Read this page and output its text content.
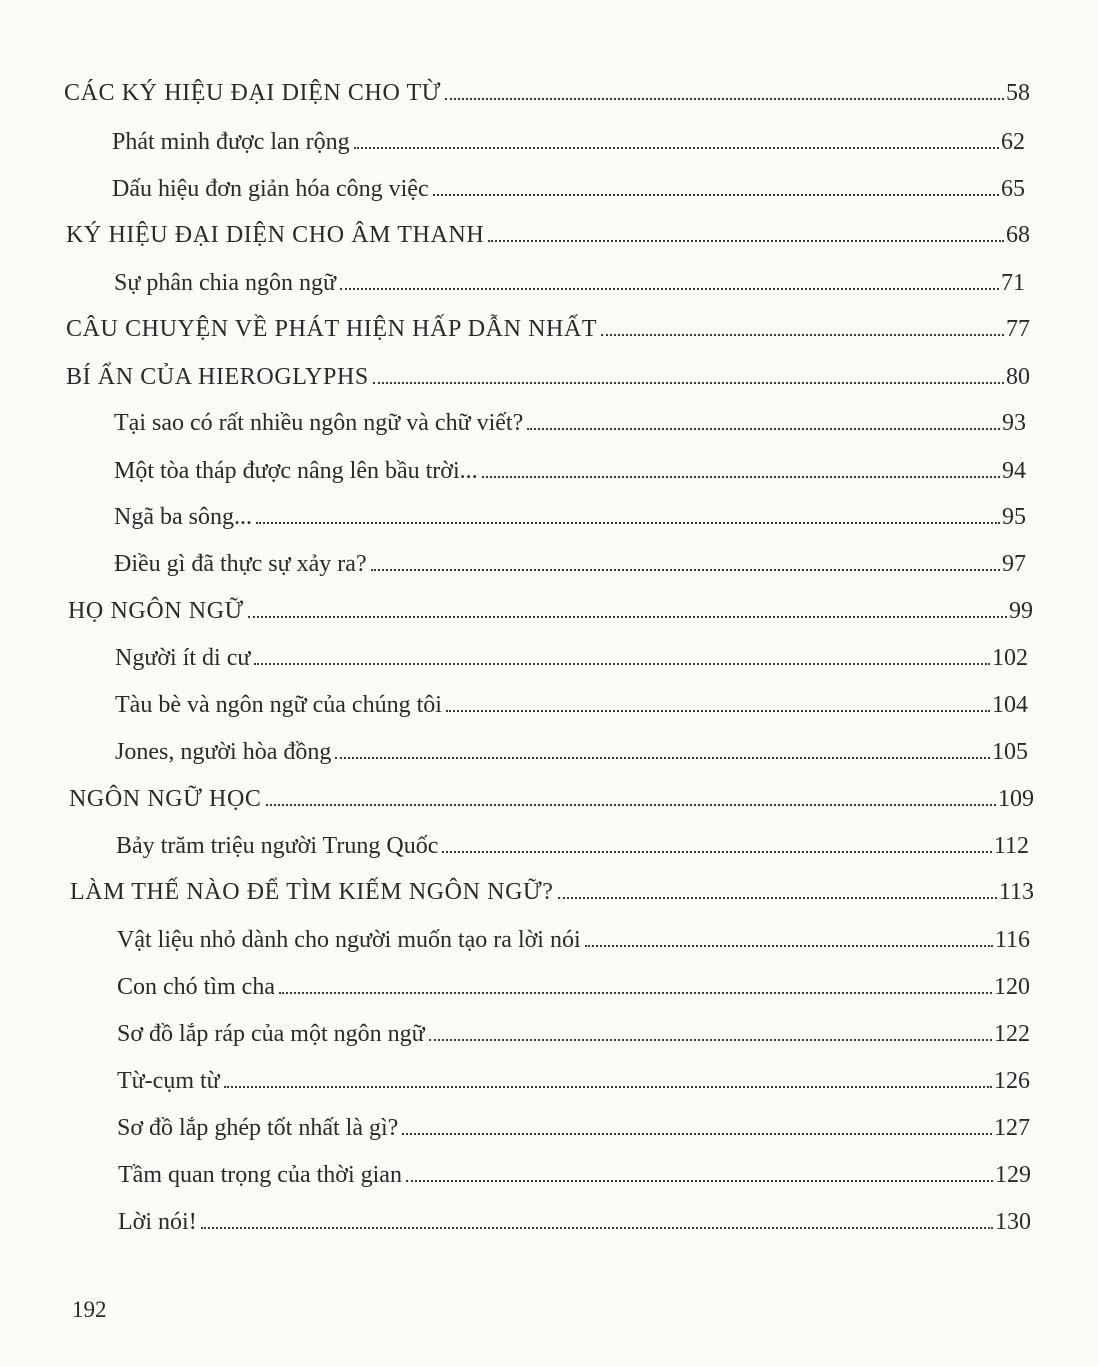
CÁC KÝ HIỆU ĐẠI DIỆN CHO TỪ	58
Phát minh được lan rộng	62
Dấu hiệu đơn giản hóa công việc	65
KÝ HIỆU ĐẠI DIỆN CHO ÂM THANH	68
Sự phân chia ngôn ngữ	71
CÂU CHUYỆN VỀ PHÁT HIỆN HẤP DẪN NHẤT	77
BÍ ẨN CỦA HIEROGLYPHS	80
Tại sao có rất nhiều ngôn ngữ và chữ viết?	93
Một tòa tháp được nâng lên bầu trời...	94
Ngã ba sông...	95
Điều gì đã thực sự xảy ra?	97
HỌ NGÔN NGỮ	99
Người ít di cư	102
Tàu bè và ngôn ngữ của chúng tôi	104
Jones, người hòa đồng	105
NGÔN NGỮ HỌC	109
Bảy trăm triệu người Trung Quốc	112
LÀM THẾ NÀO ĐỂ TÌM KIẾM NGÔN NGỮ?	113
Vật liệu nhỏ dành cho người muốn tạo ra lời nói	116
Con chó tìm cha	120
Sơ đồ lắp ráp của một ngôn ngữ	122
Từ-cụm từ	126
Sơ đồ lắp ghép tốt nhất là gì?	127
Tầm quan trọng của thời gian	129
Lời nói!	130
192
